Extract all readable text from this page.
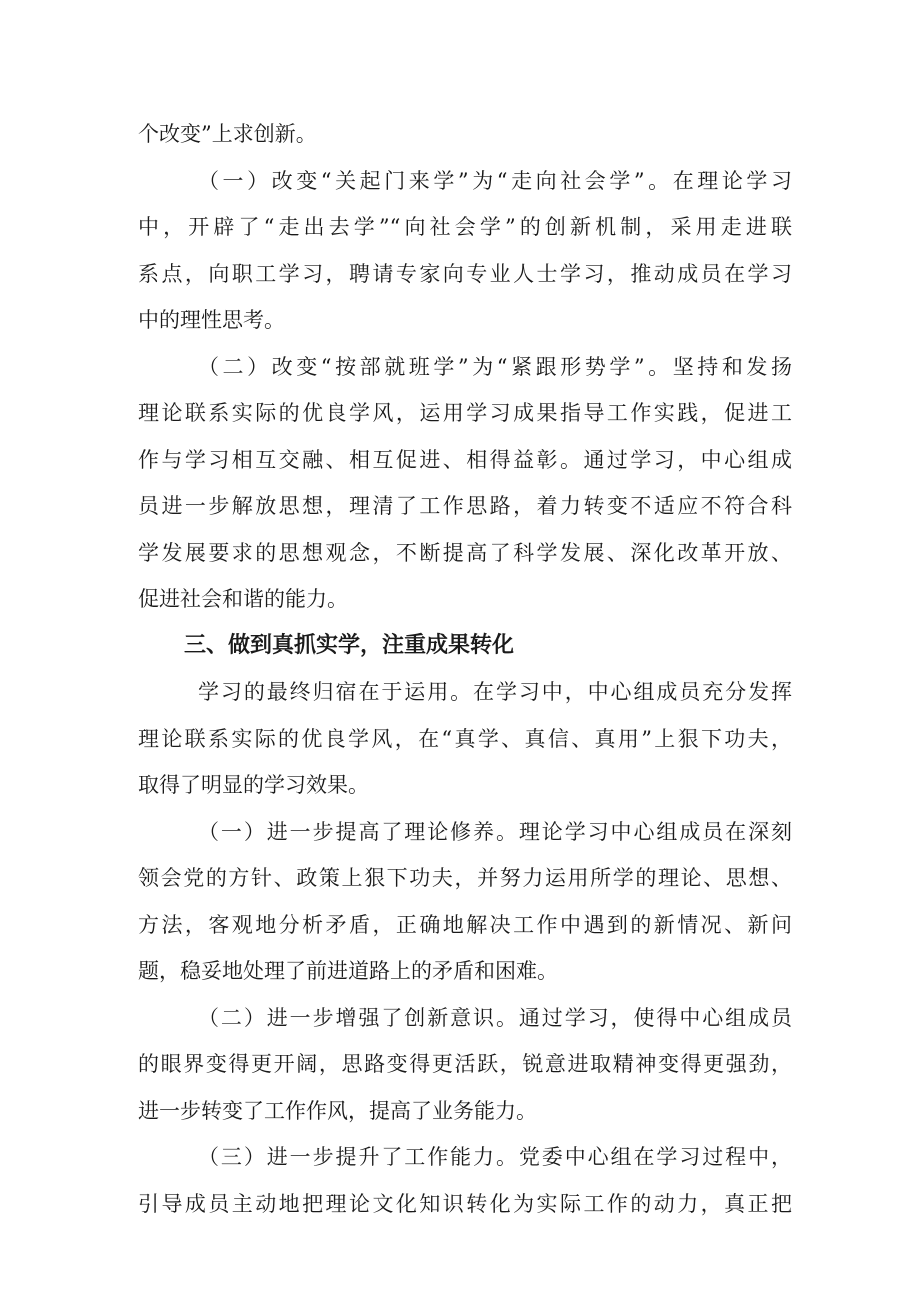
个改变”上求创新。
（一）改变“关起门来学”为“走向社会学”。在理论学习
中，开辟了“走出去学”“向社会学”的创新机制，采用走进联
系点，向职工学习，聘请专家向专业人士学习，推动成员在学习
中的理性思考。
（二）改变“按部就班学”为“紧跟形势学”。坚持和发扬
理论联系实际的优良学风，运用学习成果指导工作实践，促进工
作与学习相互交融、相互促进、相得益彰。通过学习，中心组成
员进一步解放思想，理清了工作思路，着力转变不适应不符合科
学发展要求的思想观念，不断提高了科学发展、深化改革开放、
促进社会和谐的能力。
三、做到真抓实学，注重成果转化
学习的最终归宿在于运用。在学习中，中心组成员充分发挥
理论联系实际的优良学风，在“真学、真信、真用”上狠下功夫，
取得了明显的学习效果。
（一）进一步提高了理论修养。理论学习中心组成员在深刻
领会党的方针、政策上狠下功夫，并努力运用所学的理论、思想、
方法，客观地分析矛盾，正确地解决工作中遇到的新情况、新问
题，稳妥地处理了前进道路上的矛盾和困难。
（二）进一步增强了创新意识。通过学习，使得中心组成员
的眼界变得更开阔，思路变得更活跃，锐意进取精神变得更强劲，
进一步转变了工作作风，提高了业务能力。
（三）进一步提升了工作能力。党委中心组在学习过程中，
引导成员主动地把理论文化知识转化为实际工作的动力，真正把
